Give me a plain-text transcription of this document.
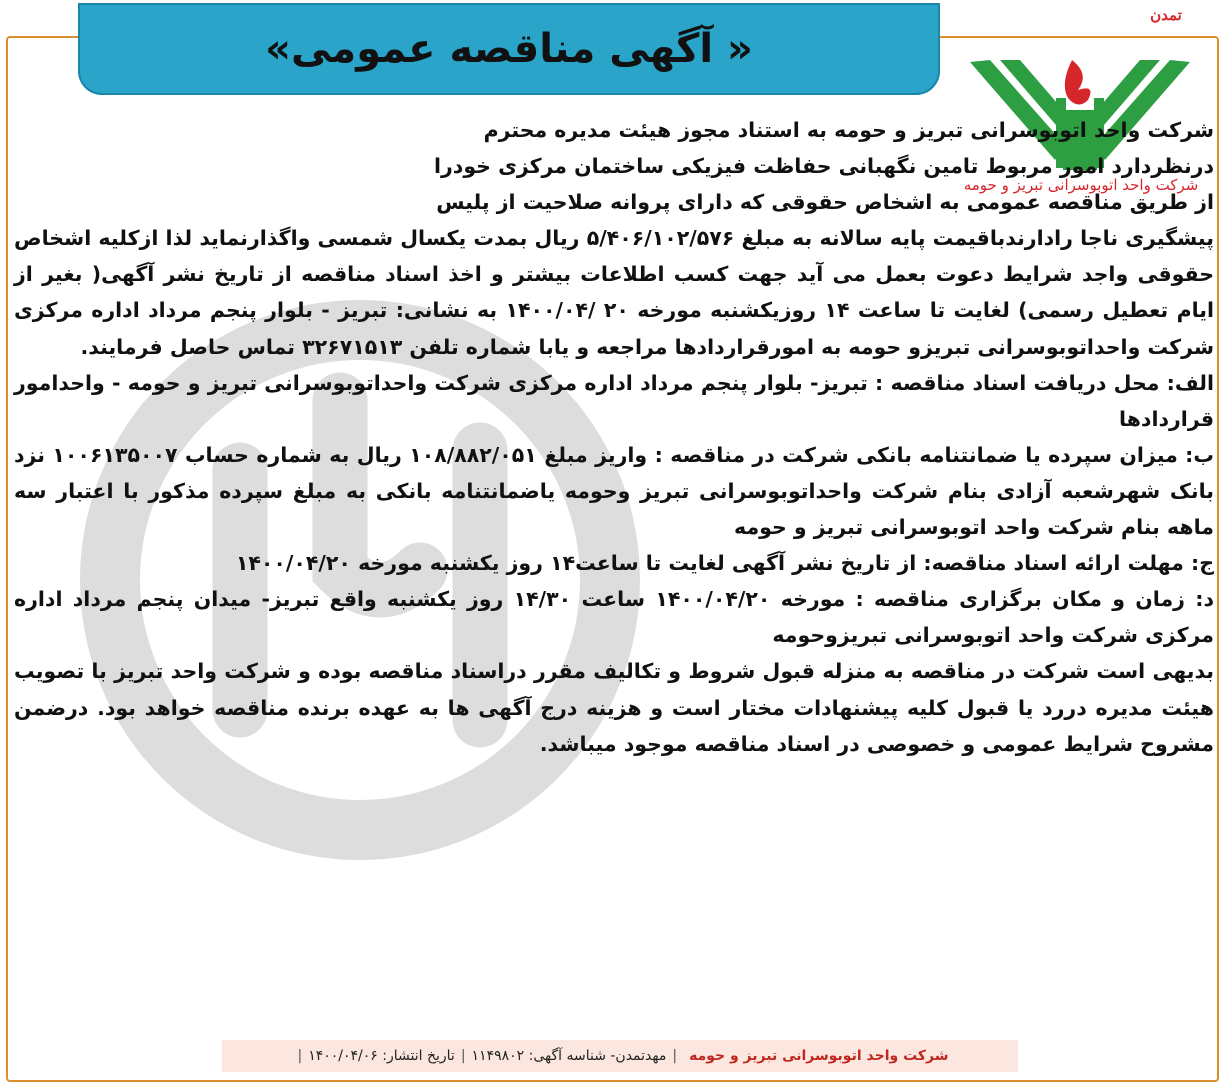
تمدن
« آگهی مناقصه عمومی»
شرکت واحد اتوبوسرانی تبریز و حومه

شرکت واحد اتوبوسرانی تبریز و حومه به استناد مجوز هیئت مدیره محترم

درنظردارد امور مربوط تامین نگهبانی حفاظت فیزیکی ساختمان مرکزی خودرا

از طریق مناقصه عمومی به اشخاص حقوقی که دارای پروانه صلاحیت از پلیس

پیشگیری ناجا رادارندباقیمت پایه سالانه به مبلغ ۵/۴۰۶/۱۰۲/۵۷۶ ریال بمدت یکسال شمسی واگذارنماید لذا ازکلیه اشخاص حقوقی واجد شرایط دعوت بعمل می آید جهت کسب اطلاعات بیشتر و اخذ اسناد مناقصه از تاریخ نشر آگهی( بغیر از ایام تعطیل رسمی) لغایت تا ساعت ۱۴ روزیکشنبه مورخه ۲۰ /۱۴۰۰/۰۴ به نشانی: تبریز - بلوار پنجم مرداد اداره مرکزی شرکت واحداتوبوسرانی تبریزو حومه به امورقراردادها مراجعه و یابا شماره تلفن ۳۲۶۷۱۵۱۳ تماس حاصل فرمایند.

الف: محل دریافت اسناد مناقصه : تبریز- بلوار پنجم مرداد اداره مرکزی شرکت واحداتوبوسرانی تبریز و حومه - واحدامور قراردادها

ب: میزان سپرده یا ضمانتنامه بانکی شرکت در مناقصه : واریز مبلغ ۱۰۸/۸۸۲/۰۵۱ ریال به شماره حساب ۱۰۰۶۱۳۵۰۰۷ نزد بانک شهرشعبه آزادی بنام شرکت واحداتوبوسرانی تبریز وحومه یاضمانتنامه بانکی به مبلغ سپرده مذکور با اعتبار سه ماهه بنام شرکت واحد اتوبوسرانی تبریز و حومه

ج: مهلت ارائه اسناد مناقصه: از تاریخ نشر آگهی لغایت تا ساعت۱۴ روز یکشنبه مورخه ۱۴۰۰/۰۴/۲۰

د: زمان و مکان برگزاری مناقصه : مورخه ۱۴۰۰/۰۴/۲۰ ساعت ۱۴/۳۰ روز یکشنبه واقع تبریز- میدان پنجم مرداد اداره مرکزی شرکت واحد اتوبوسرانی تبریزوحومه

بدیهی است شرکت در مناقصه به منزله قبول شروط و تکالیف مقرر دراسناد مناقصه بوده و شرکت واحد تبریز با تصویب هیئت مدیره دررد یا قبول کلیه پیشنهادات مختار است و هزینه درج آگهی ها به عهده برنده مناقصه خواهد بود. درضمن مشروح شرایط عمومی و خصوصی در اسناد مناقصه موجود میباشد.

شرکت واحد اتوبوسرانی تبریز و حومه
|
مهدتمدن- شناسه آگهی: ۱۱۴۹۸۰۲
|
تاریخ انتشار: ۱۴۰۰/۰۴/۰۶
|
